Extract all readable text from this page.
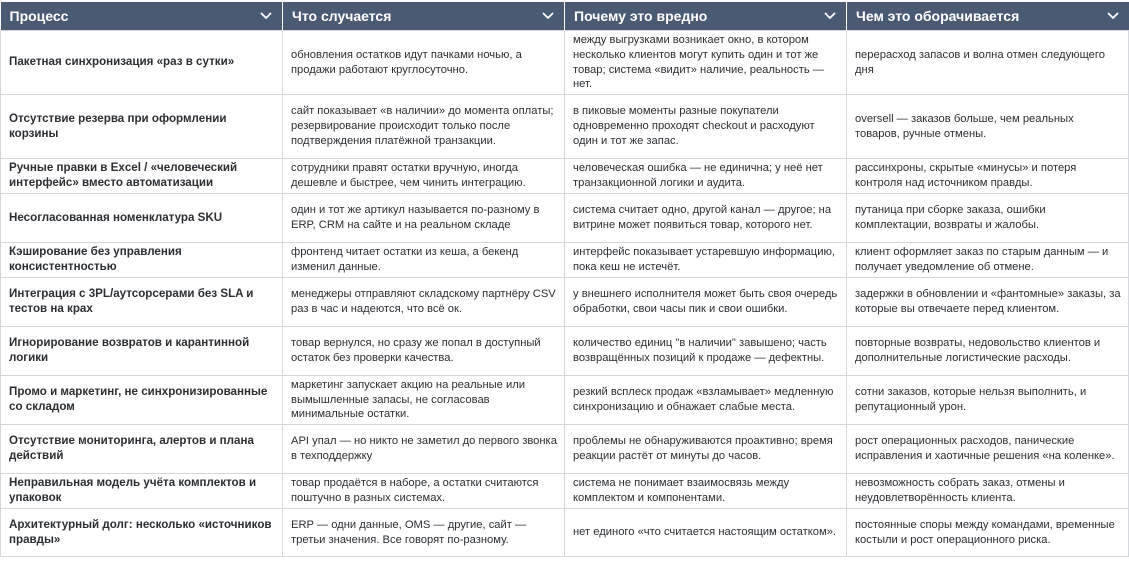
Процесс	Что случается	Почему это вредно	Чем это оборачивается

Пакетная синхронизация «раз в сутки»	обновления остатков идут пачками ночью, а продажи работают круглосуточно.	между выгрузками возникает окно, в котором несколько клиентов могут купить один и тот же товар; система «видит» наличие, реальность — нет.	перерасход запасов и волна отмен следующего дня
Отсутствие резерва при оформлении корзины	сайт показывает «в наличии» до момента оплаты; резервирование происходит только после подтверждения платёжной транзакции.	в пиковые моменты разные покупатели одновременно проходят checkout и расходуют один и тот же запас.	oversell — заказов больше, чем реальных товаров, ручные отмены.
Ручные правки в Excel / «человеческий интерфейс» вместо автоматизации	сотрудники правят остатки вручную, иногда дешевле и быстрее, чем чинить интеграцию.	человеческая ошибка — не единична; у неё нет транзакционной логики и аудита.	рассинхроны, скрытые «минусы» и потеря контроля над источником правды.
Несогласованная номенклатура SKU	один и тот же артикул называется по-разному в ERP, CRM на сайте и на реальном складе	система считает одно, другой канал — другое; на витрине может появиться товар, которого нет.	путаница при сборке заказа, ошибки комплектации, возвраты и жалобы.
Кэширование без управления консистентностью	фронтенд читает остатки из кеша, а бекенд изменил данные.	интерфейс показывает устаревшую информацию, пока кеш не истечёт.	клиент оформляет заказ по старым данным — и получает уведомление об отмене.
Интеграция с 3PL/аутсорсерами без SLA и тестов на крах	менеджеры отправляют складскому партнёру CSV раз в час и надеются, что всё ок.	у внешнего исполнителя может быть своя очередь обработки, свои часы пик и свои ошибки.	задержки в обновлении и «фантомные» заказы, за которые вы отвечаете перед клиентом.
Игнорирование возвратов и карантинной логики	товар вернулся, но сразу же попал в доступный остаток без проверки качества.	количество единиц "в наличии" завышено; часть возвращённых позиций к продаже — дефектны.	повторные возвраты, недовольство клиентов и дополнительные логистические расходы.
Промо и маркетинг, не синхронизированные со складом	маркетинг запускает акцию на реальные или вымышленные запасы, не согласовав минимальные остатки.	резкий всплеск продаж «взламывает» медленную синхронизацию и обнажает слабые места.	сотни заказов, которые нельзя выполнить, и репутационный урон.
Отсутствие мониторинга, алертов и плана действий	API упал — но никто не заметил до первого звонка в техподдержку	проблемы не обнаруживаются проактивно; время реакции растёт от минуты до часов.	рост операционных расходов, панические исправления и хаотичные решения «на коленке».
Неправильная модель учёта комплектов и упаковок	товар продаётся в наборе, а остатки считаются поштучно в разных системах.	система не понимает взаимосвязь между комплектом и компонентами.	невозможность собрать заказ, отмены и неудовлетворённость клиента.
Архитектурный долг: несколько «источников правды»	ERP — одни данные, OMS — другие, сайт — третьи значения. Все говорят по-разному.	нет единого «что считается настоящим остатком».	постоянные споры между командами, временные костыли и рост операционного риска.
